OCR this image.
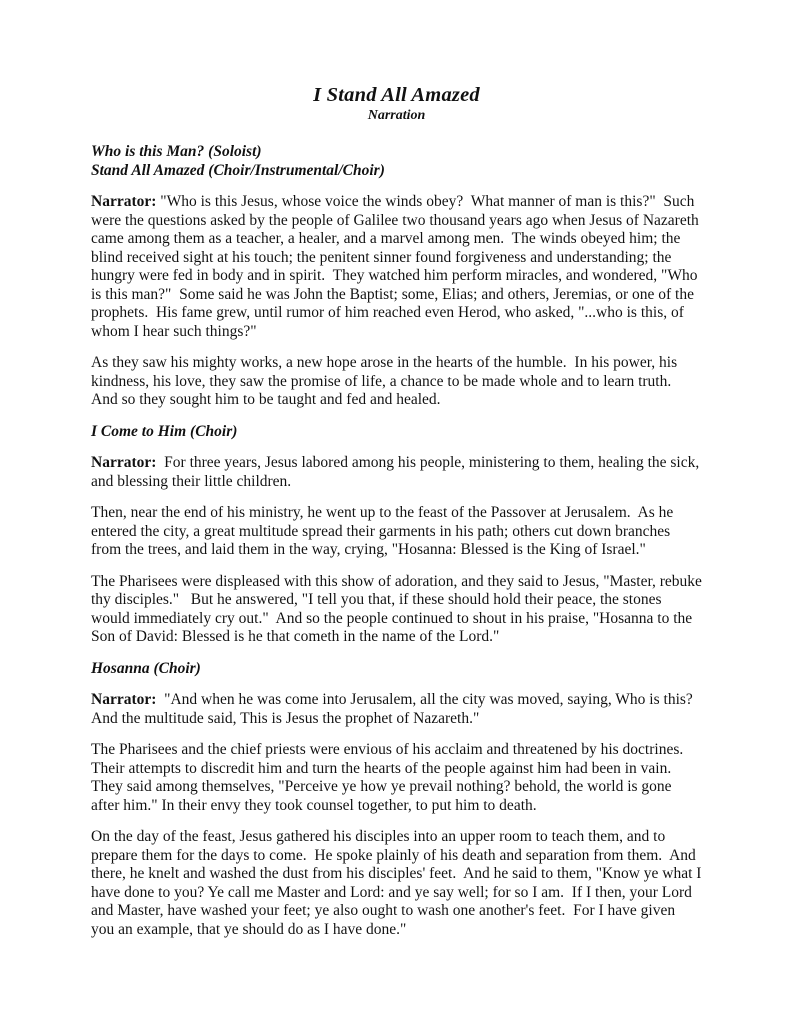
I Stand All Amazed
Narration
Who is this Man? (Soloist)
Stand All Amazed (Choir/Instrumental/Choir)

Narrator: "Who is this Jesus, whose voice the winds obey?  What manner of man is this?"  Such were the questions asked by the people of Galilee two thousand years ago when Jesus of Nazareth came among them as a teacher, a healer, and a marvel among men.  The winds obeyed him; the blind received sight at his touch; the penitent sinner found forgiveness and understanding; the hungry were fed in body and in spirit.  They watched him perform miracles, and wondered, "Who is this man?"  Some said he was John the Baptist; some, Elias; and others, Jeremias, or one of the prophets.  His fame grew, until rumor of him reached even Herod, who asked, "...who is this, of whom I hear such things?"

As they saw his mighty works, a new hope arose in the hearts of the humble.  In his power, his kindness, his love, they saw the promise of life, a chance to be made whole and to learn truth.  And so they sought him to be taught and fed and healed.

I Come to Him (Choir)

Narrator:  For three years, Jesus labored among his people, ministering to them, healing the sick, and blessing their little children.

Then, near the end of his ministry, he went up to the feast of the Passover at Jerusalem.  As he entered the city, a great multitude spread their garments in his path; others cut down branches from the trees, and laid them in the way, crying, "Hosanna: Blessed is the King of Israel."

The Pharisees were displeased with this show of adoration, and they said to Jesus, "Master, rebuke thy disciples."   But he answered, "I tell you that, if these should hold their peace, the stones would immediately cry out."  And so the people continued to shout in his praise, "Hosanna to the Son of David: Blessed is he that cometh in the name of the Lord."

Hosanna (Choir)

Narrator:  "And when he was come into Jerusalem, all the city was moved, saying, Who is this? And the multitude said, This is Jesus the prophet of Nazareth."

The Pharisees and the chief priests were envious of his acclaim and threatened by his doctrines. Their attempts to discredit him and turn the hearts of the people against him had been in vain. They said among themselves, "Perceive ye how ye prevail nothing? behold, the world is gone after him." In their envy they took counsel together, to put him to death.

On the day of the feast, Jesus gathered his disciples into an upper room to teach them, and to prepare them for the days to come.  He spoke plainly of his death and separation from them.  And there, he knelt and washed the dust from his disciples' feet.  And he said to them, "Know ye what I have done to you? Ye call me Master and Lord: and ye say well; for so I am.  If I then, your Lord and Master, have washed your feet; ye also ought to wash one another's feet.  For I have given you an example, that ye should do as I have done."
